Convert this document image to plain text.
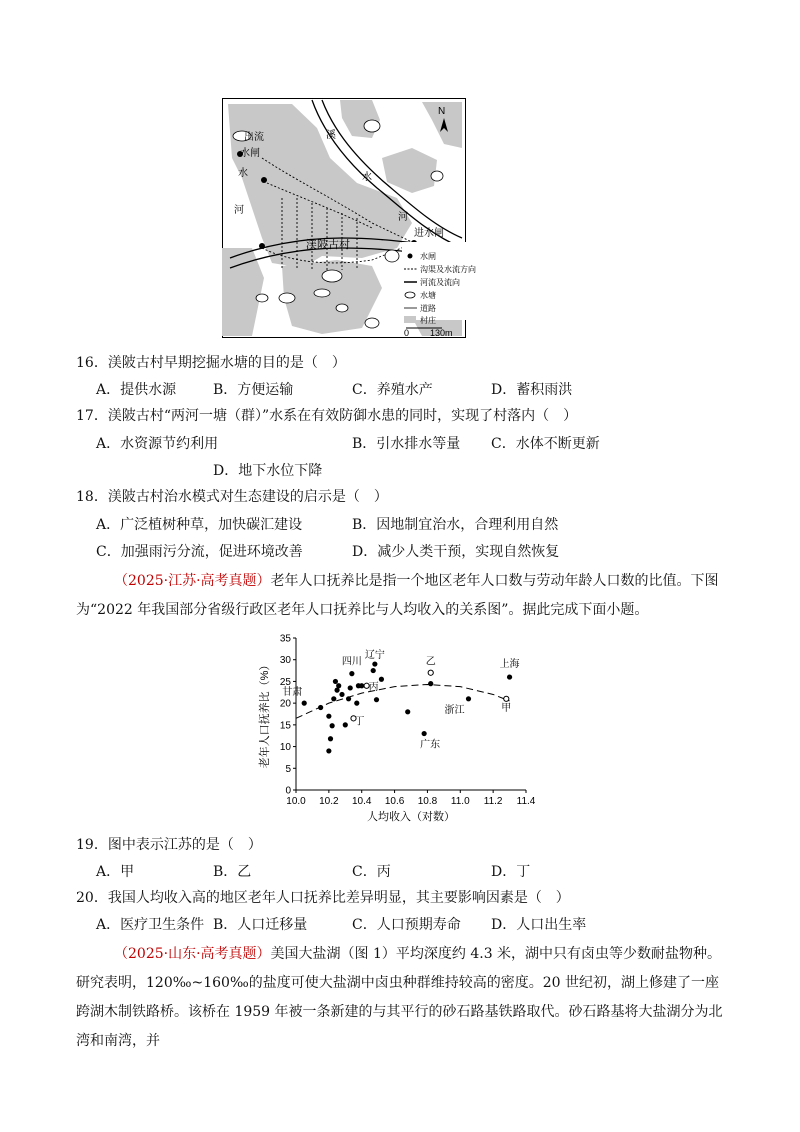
出流
水闸
河
水
溪
水
河
渼陂古村
进水闸
N
水闸
沟渠及水流方向
河流及流向
水塘
道路
村庄
0 130m
16．渼陂古村早期挖掘水塘的目的是（　）
A．提供水源	B．方便运输	C．养殖水产	D．蓄积雨洪
17．渼陂古村“两河一塘（群）”水系在有效防御水患的同时，实现了村落内（　）
A．水资源节约利用	B．引水排水等量 C．水体不断更新
D．地下水位下降
18．渼陂古村治水模式对生态建设的启示是（　）
A．广泛植树种草，加快碳汇建设	B．因地制宜治水，合理利用自然
C．加强雨污分流，促进环境改善	D．减少人类干预，实现自然恢复
（2025·江苏·高考真题）老年人口抚养比是指一个地区老年人口数与劳动年龄人口数的比值。下图为“2022 年我国部分省级行政区老年人口抚养比与人均收入的关系图”。据此完成下面小题。
10.0 10.2 10.4 10.6 10.8 11.0 11.2 11.4
0
5
10
15
20
25
30
35
人均收入（对数）
老年人口抚养比（%） 甘肃
四川
辽宁
广东
浙江
上海
丙
乙
丁
甲
19．图中表示江苏的是（　）
A．甲	B．乙	C．丙	D．丁
20．我国人均收入高的地区老年人口抚养比差异明显，其主要影响因素是（　）
A．医疗卫生条件 B．人口迁移量	C．人口预期寿命 D．人口出生率
（2025·山东·高考真题）美国大盐湖（图 1）平均深度约 4.3 米，湖中只有卤虫等少数耐盐物种。研究表明，120‰~160‰的盐度可使大盐湖中卤虫种群维持较高的密度。20 世纪初，湖上修建了一座跨湖木制铁路桥。该桥在 1959 年被一条新建的与其平行的砂石路基铁路取代。砂石路基将大盐湖分为北湾和南湾，并
